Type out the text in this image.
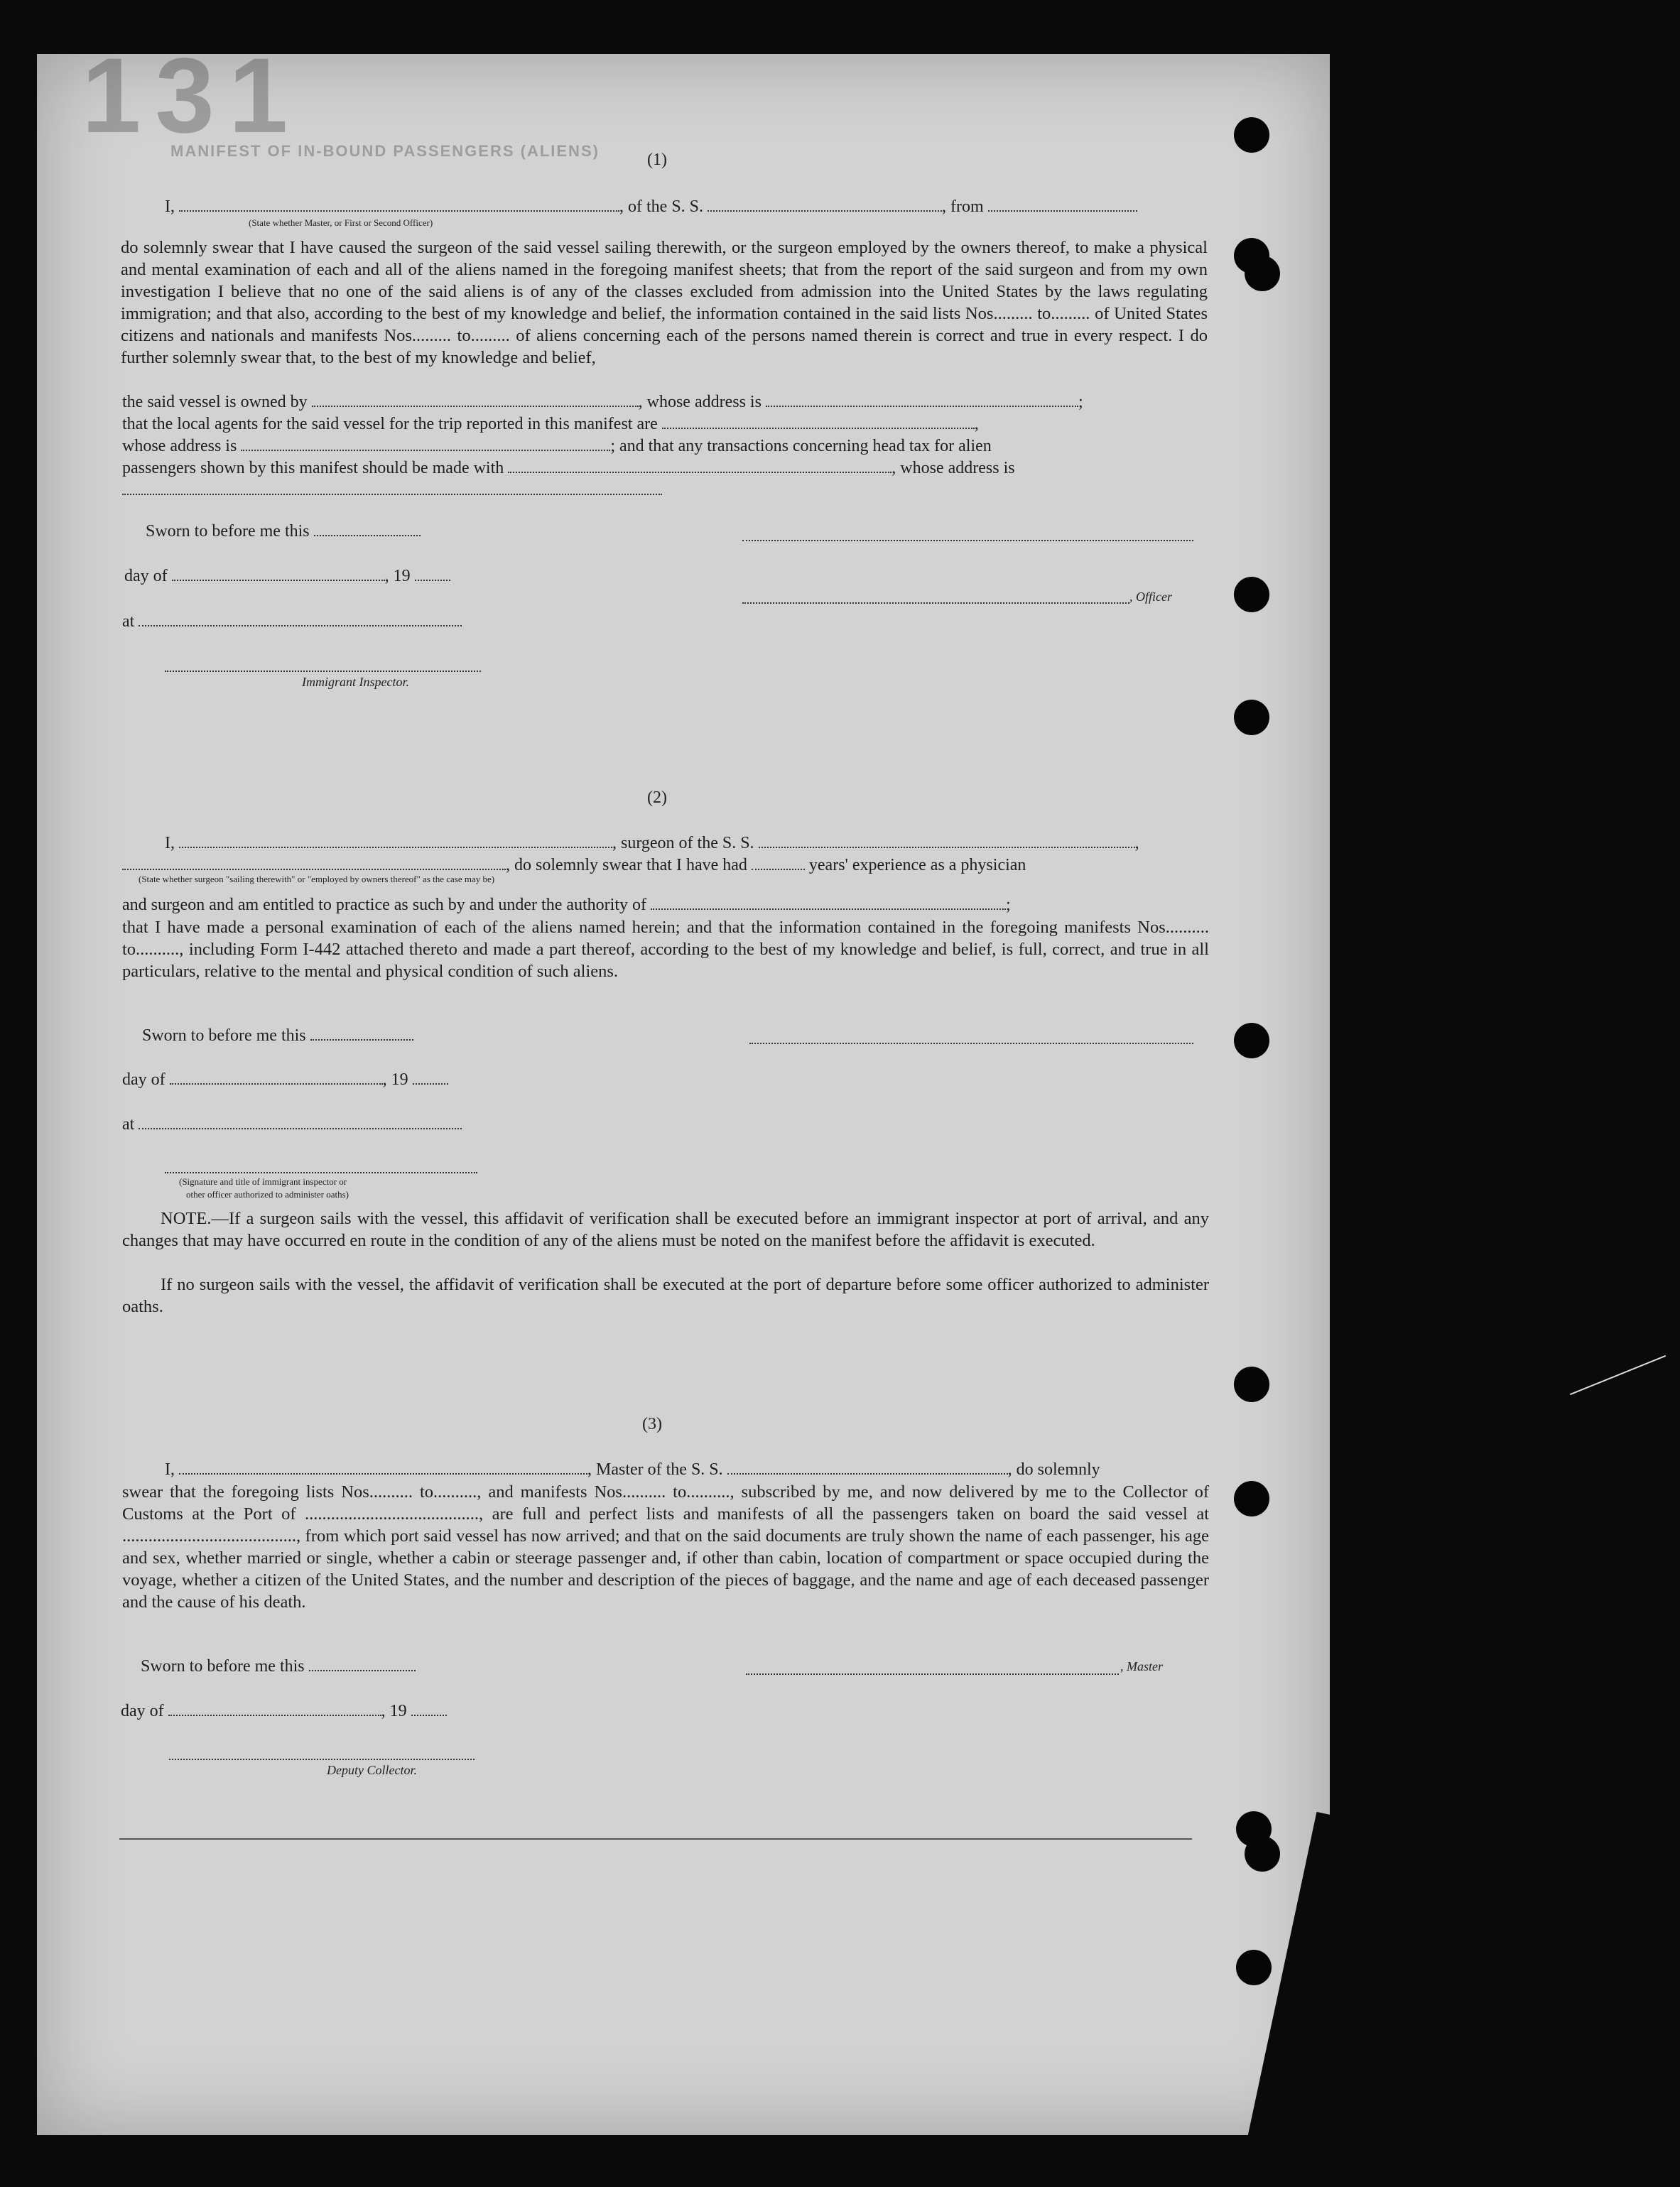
131
MANIFEST OF IN-BOUND PASSENGERS (ALIENS)	(1)
I,	, of the S. S.	, from
(State whether Master, or First or Second Officer)

do solemnly swear that I have caused the surgeon of the said vessel sailing therewith, or the surgeon employed by the owners thereof, to make a physical and mental examination of each and all of the aliens named in the foregoing manifest sheets; that from the report of the said surgeon and from my own investigation I believe that no one of the said aliens is of any of the classes excluded from admission into the United States by the laws regulating immigration; and that also, according to the best of my knowledge and belief, the information contained in the said lists Nos......... to......... of United States citizens and nationals and manifests Nos......... to......... of aliens concerning each of the persons named therein is correct and true in every respect. I do further solemnly swear that, to the best of my knowledge and belief,

the said vessel is owned by	, whose address is	;
that the local agents for the said vessel for the trip reported in this manifest are	,
whose address is	; and that any transactions concerning head tax for alien
passengers shown by this manifest should be made with	, whose address is
Sworn to before me this
day of	, 19
, Officer
at
Immigrant Inspector.
(2)
I,	, surgeon of the S. S.	,
, do solemnly swear that I have had	years' experience as a physician
(State whether surgeon "sailing therewith" or "employed by owners thereof" as the case may be)
and surgeon and am entitled to practice as such by and under the authority of	;

that I have made a personal examination of each of the aliens named herein; and that the information contained in the foregoing manifests Nos.......... to.........., including Form I-442 attached thereto and made a part thereof, according to the best of my knowledge and belief, is full, correct, and true in all particulars, relative to the mental and physical condition of such aliens.

Sworn to before me this
day of	, 19
at
(Signature and title of immigrant inspector or
other officer authorized to administer oaths)

NOTE.—If a surgeon sails with the vessel, this affidavit of verification shall be executed before an immigrant inspector at port of arrival, and any changes that may have occurred en route in the condition of any of the aliens must be noted on the manifest before the affidavit is executed.

If no surgeon sails with the vessel, the affidavit of verification shall be executed at the port of departure before some officer authorized to administer oaths.

(3)
I,	, Master of the S. S.	, do solemnly

swear that the foregoing lists Nos.......... to.........., and manifests Nos.......... to.........., subscribed by me, and now delivered by me to the Collector of Customs at the Port of ........................................, are full and perfect lists and manifests of all the passengers taken on board the said vessel at ........................................, from which port said vessel has now arrived; and that on the said documents are truly shown the name of each passenger, his age and sex, whether married or single, whether a cabin or steerage passenger and, if other than cabin, location of compartment or space occupied during the voyage, whether a citizen of the United States, and the number and description of the pieces of baggage, and the name and age of each deceased passenger and the cause of his death.

Sworn to before me this	, Master
day of	, 19
Deputy Collector.
